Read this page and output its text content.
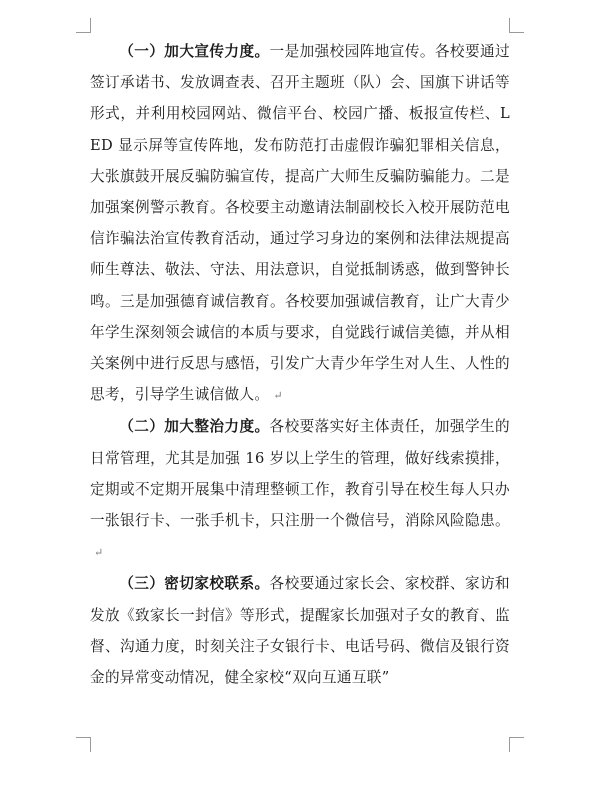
（一）加大宣传力度。一是加强校园阵地宣传。各校要通过签订承诺书、发放调查表、召开主题班（队）会、国旗下讲话等形式，并利用校园网站、微信平台、校园广播、板报宣传栏、LED 显示屏等宣传阵地，发布防范打击虚假诈骗犯罪相关信息，大张旗鼓开展反骗防骗宣传，提高广大师生反骗防骗能力。二是加强案例警示教育。各校要主动邀请法制副校长入校开展防范电信诈骗法治宣传教育活动，通过学习身边的案例和法律法规提高师生尊法、敬法、守法、用法意识，自觉抵制诱惑，做到警钟长鸣。三是加强德育诚信教育。各校要加强诚信教育，让广大青少年学生深刻领会诚信的本质与要求，自觉践行诚信美德，并从相关案例中进行反思与感悟，引发广大青少年学生对人生、人性的思考，引导学生诚信做人。 ↵

（二）加大整治力度。各校要落实好主体责任，加强学生的日常管理，尤其是加强 16 岁以上学生的管理，做好线索摸排，定期或不定期开展集中清理整顿工作，教育引导在校生每人只办一张银行卡、一张手机卡，只注册一个微信号，消除风险隐患。↵

（三）密切家校联系。各校要通过家长会、家校群、家访和发放《致家长一封信》等形式，提醒家长加强对子女的教育、监督、沟通力度，时刻关注子女银行卡、电话号码、微信及银行资金的异常变动情况，健全家校“双向互通互联”
